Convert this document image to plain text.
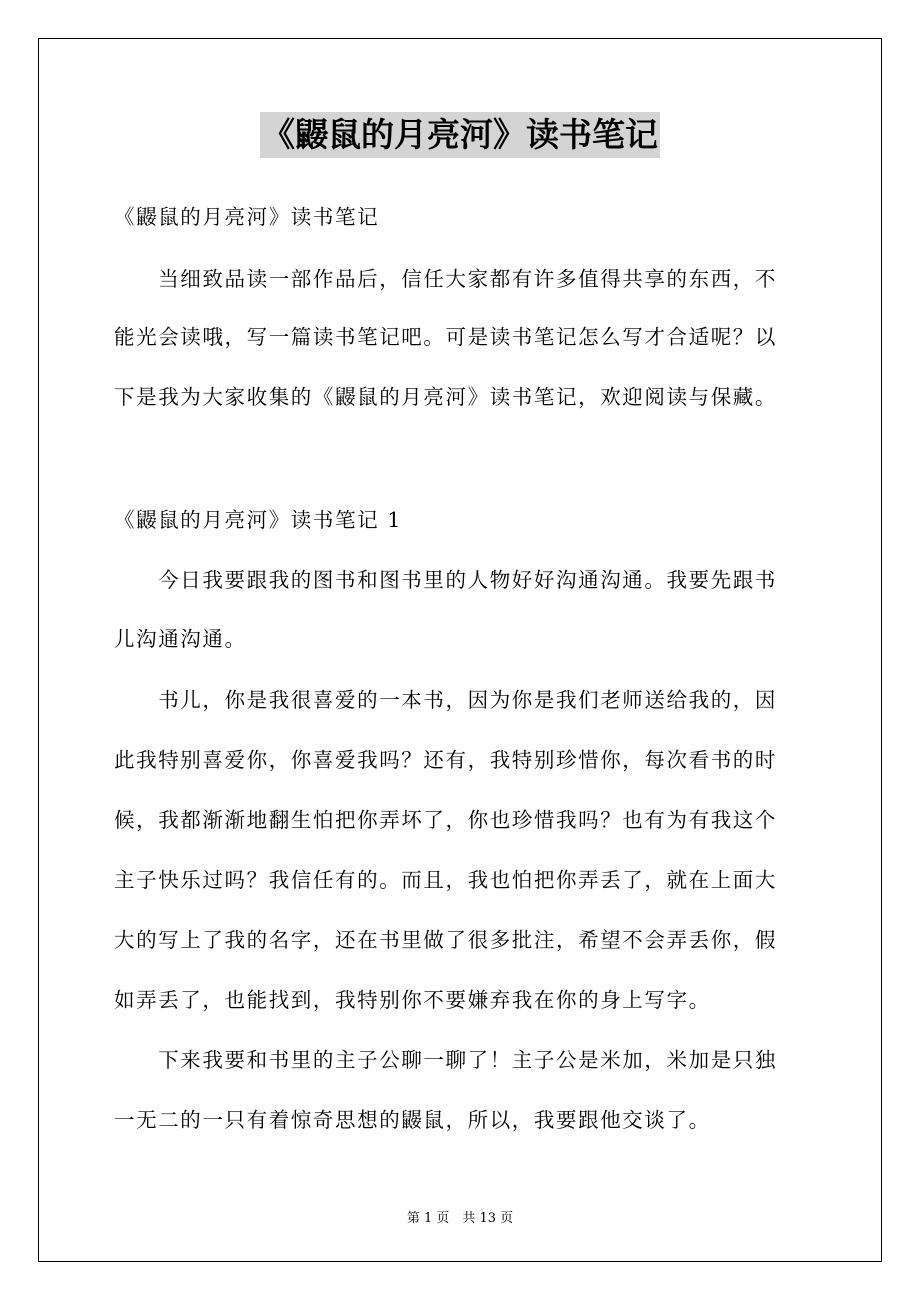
《鼹鼠的月亮河》读书笔记
《鼹鼠的月亮河》读书笔记
　　当细致品读一部作品后，信任大家都有许多值得共享的东西，不
能光会读哦，写一篇读书笔记吧。可是读书笔记怎么写才合适呢？以
下是我为大家收集的《鼹鼠的月亮河》读书笔记，欢迎阅读与保藏。
《鼹鼠的月亮河》读书笔记 1
　　今日我要跟我的图书和图书里的人物好好沟通沟通。我要先跟书
儿沟通沟通。
　　书儿，你是我很喜爱的一本书，因为你是我们老师送给我的，因
此我特别喜爱你，你喜爱我吗？还有，我特别珍惜你，每次看书的时
候，我都渐渐地翻生怕把你弄坏了，你也珍惜我吗？也有为有我这个
主子快乐过吗？我信任有的。而且，我也怕把你弄丢了，就在上面大
大的写上了我的名字，还在书里做了很多批注，希望不会弄丢你，假
如弄丢了，也能找到，我特别你不要嫌弃我在你的身上写字。
　　下来我要和书里的主子公聊一聊了！主子公是米加，米加是只独
一无二的一只有着惊奇思想的鼹鼠，所以，我要跟他交谈了。
第 1 页　共 13 页
